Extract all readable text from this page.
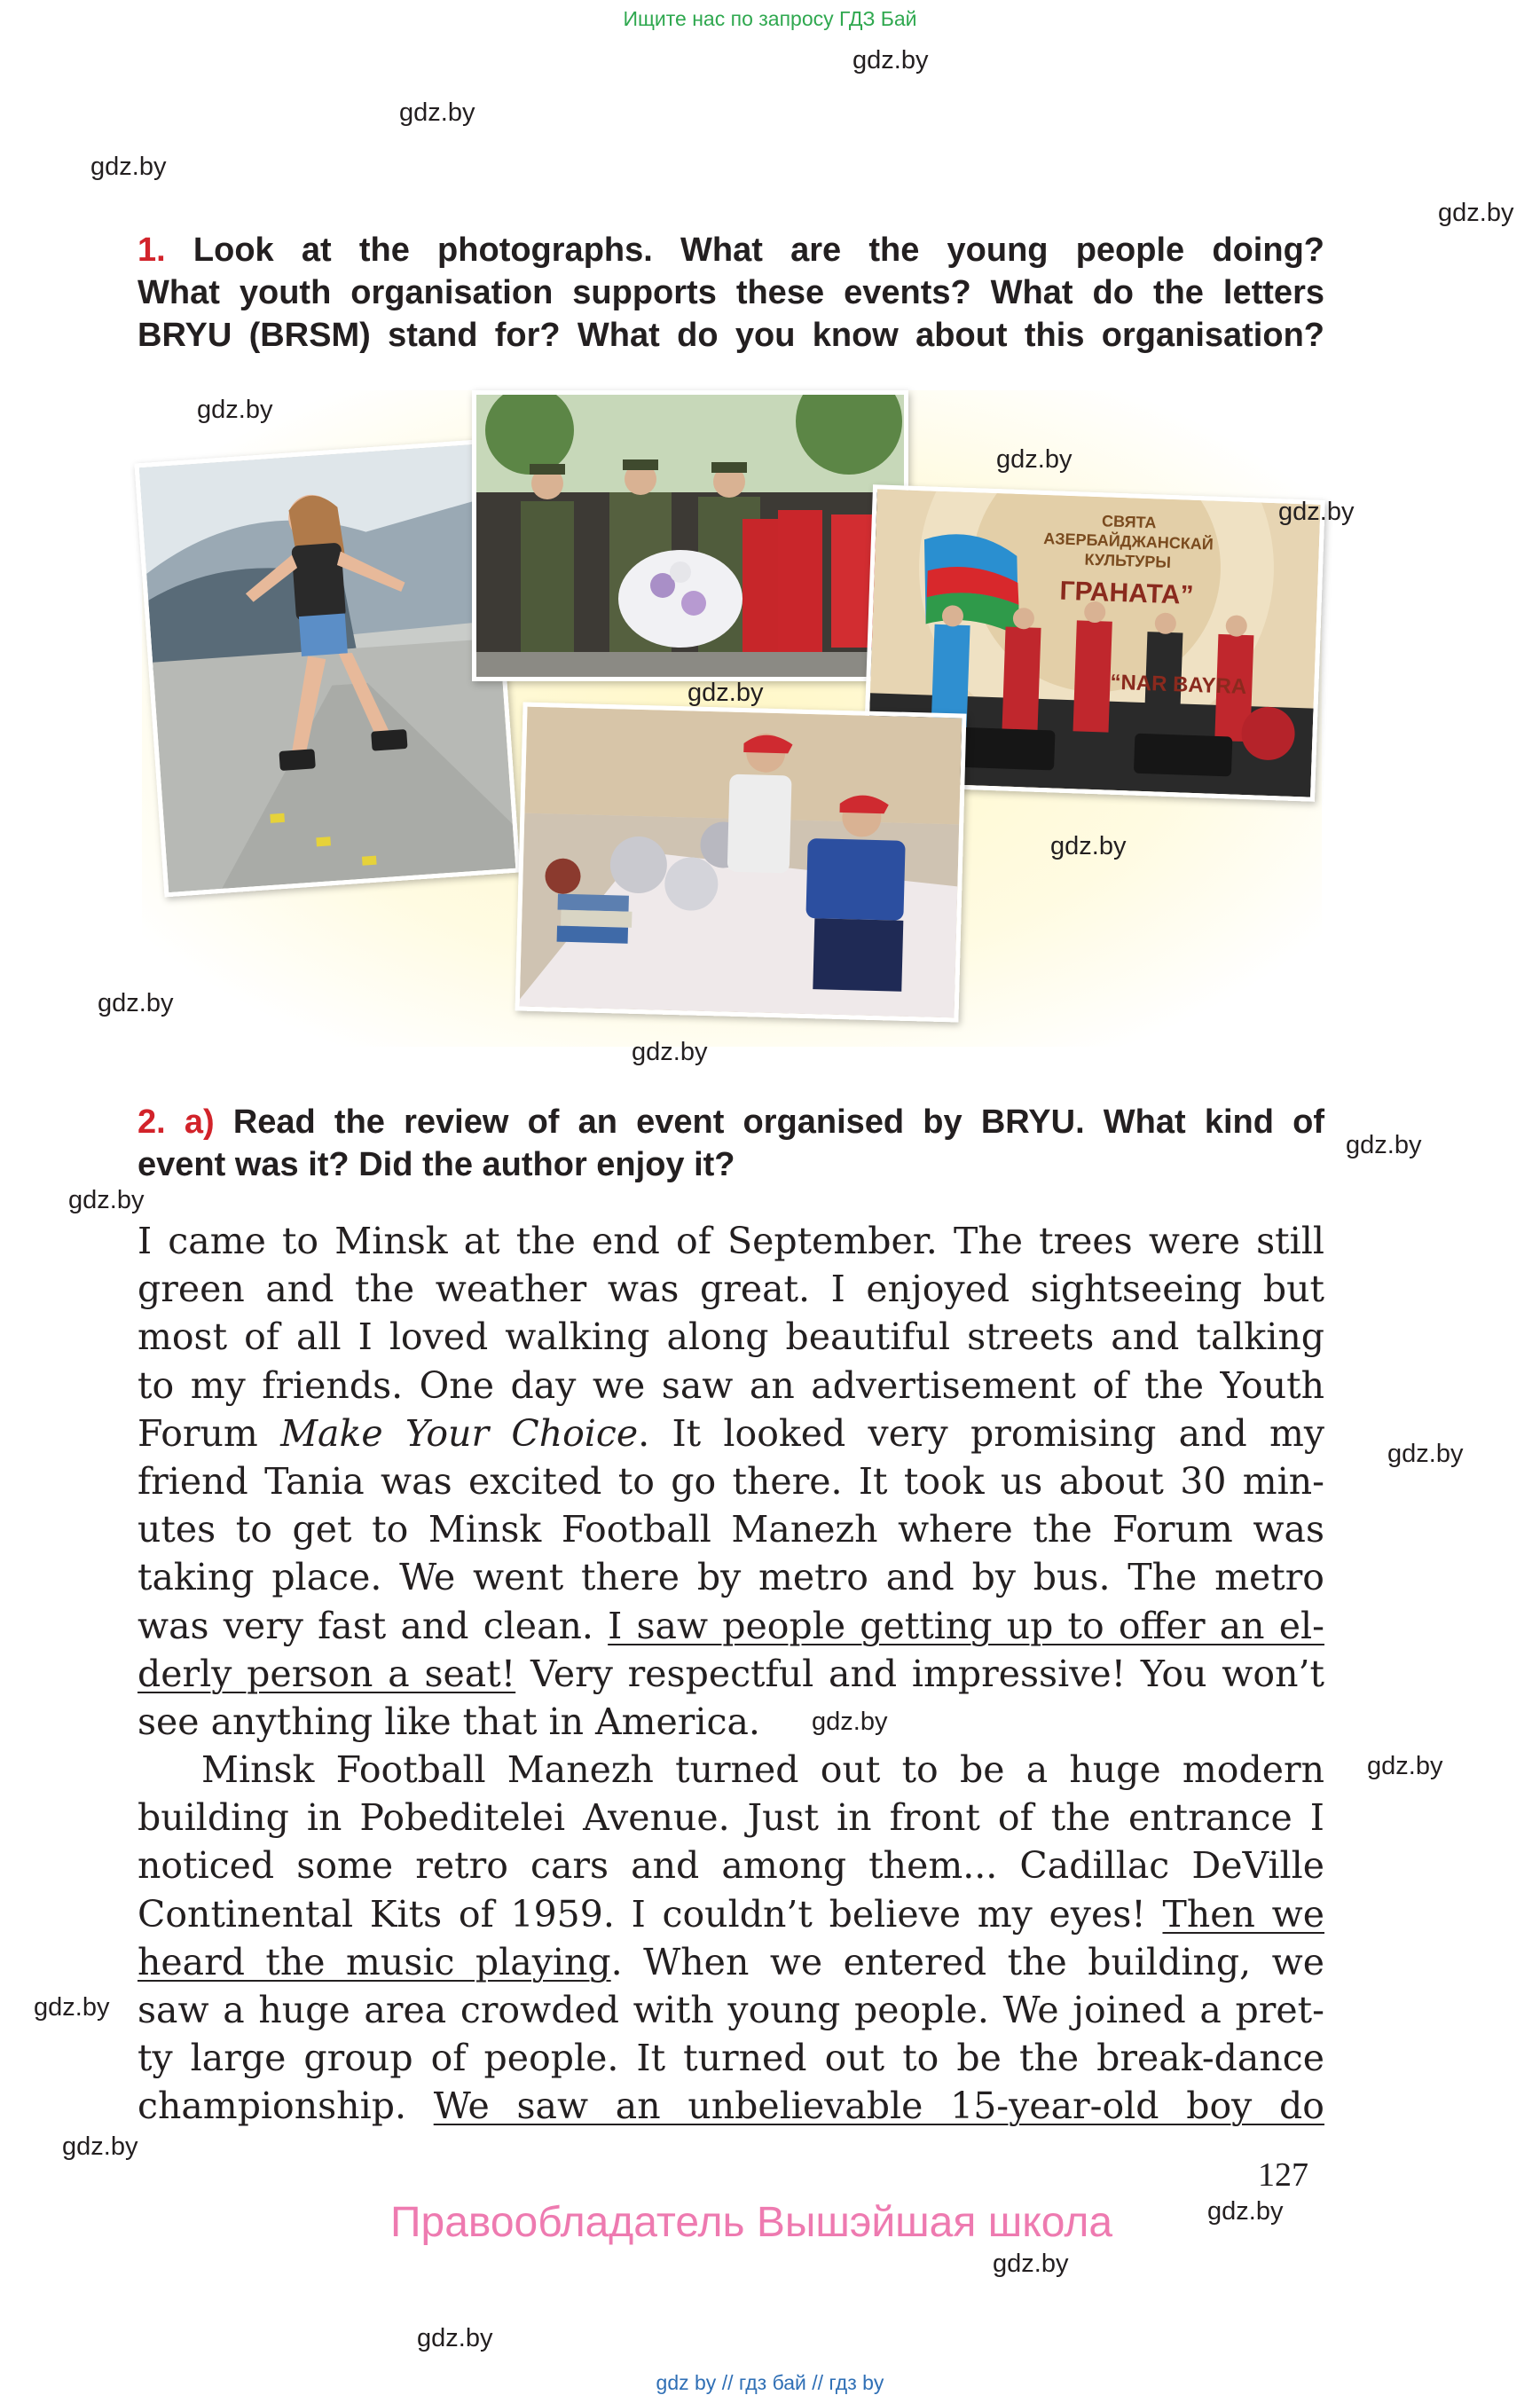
Ищите нас по запросу ГДЗ Бай
gdz.by
gdz.by
gdz.by
gdz.by
1. Look at the photographs. What are the young people doing?
What youth organisation supports these events? What do the letters
BRYU (BRSM) stand for? What do you know about this organisation?
СВЯТА
АЗЕРБАЙДЖАНСКАЙ
КУЛЬТУРЫ
ГРАНАТА”
“NAR BAYRA
gdz.by
gdz.by
gdz.by
gdz.by
gdz.by
gdz.by
gdz.by
2. a) Read the review of an event organised by BRYU. What kind of
event was it? Did the author enjoy it?
gdz.by
gdz.by
I came to Minsk at the end of September. The trees were still
green and the weather was great. I enjoyed sightseeing but
most of all I loved walking along beautiful streets and talking
to my friends. One day we saw an advertisement of the Youth
Forum Make Your Choice. It looked very promising and my
friend Tania was excited to go there. It took us about 30 min-
utes to get to Minsk Football Manezh where the Forum was
taking place. We went there by metro and by bus. The metro
was very fast and clean. I saw people getting up to offer an el-
derly person a seat! Very respectful and impressive! You won’t
see anything like that in America.
Minsk Football Manezh turned out to be a huge modern
building in Pobeditelei Avenue. Just in front of the entrance I
noticed some retro cars and among them... Cadillac DeVille
Continental Kits of 1959. I couldn’t believe my eyes! Then we
heard the music playing. When we entered the building, we
saw a huge area crowded with young people. We joined a pret-
ty large group of people. It turned out to be the break-dance
championship. We saw an unbelievable 15-year-old boy do
gdz.by
gdz.by
gdz.by
gdz.by
gdz.by
127
gdz.by
Правообладатель Вышэйшая школа
gdz.by
gdz.by
gdz by // гдз бай // гдз by
